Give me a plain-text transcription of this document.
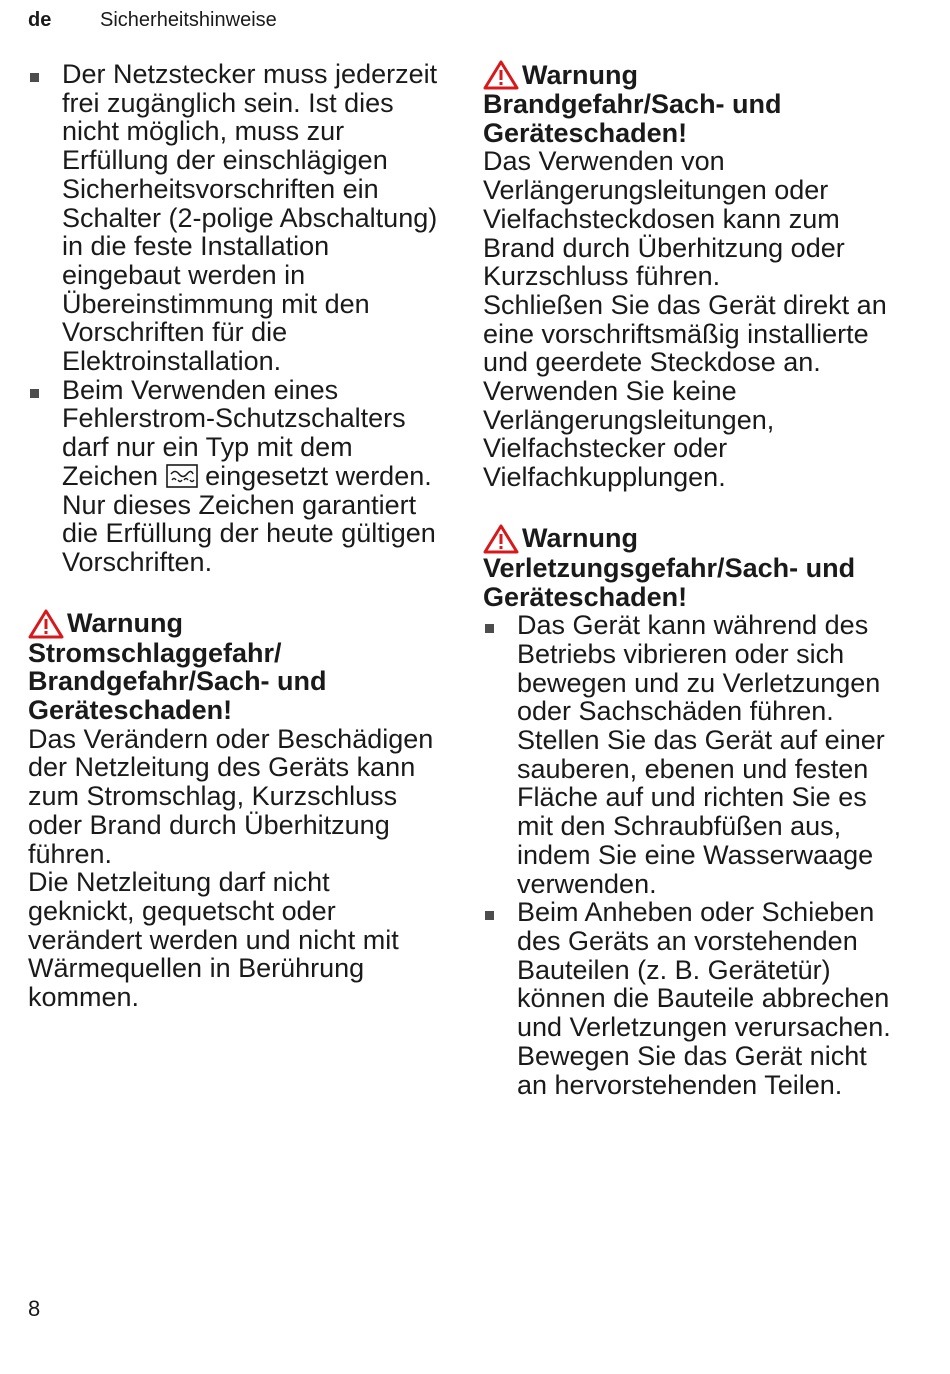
de Sicherheitshinweise
Der Netzstecker muss jederzeit frei zugänglich sein. Ist dies nicht möglich, muss zur Erfüllung der einschlägigen Sicherheitsvorschriften ein Schalter (2-polige Abschaltung) in die feste Installation eingebaut werden in Übereinstimmung mit den Vorschriften für die Elektroinstallation.
Beim Verwenden eines Fehlerstrom-Schutzschalters darf nur ein Typ mit dem Zeichen eingesetzt werden. Nur dieses Zeichen garantiert die Erfüllung der heute gültigen Vorschriften.
Warnung
Stromschlaggefahr/
Brandgefahr/Sach- und Geräteschaden!

Das Verändern oder Beschädigen der Netzleitung des Geräts kann zum Stromschlag, Kurzschluss oder Brand durch Überhitzung führen.

Die Netzleitung darf nicht geknickt, gequetscht oder verändert werden und nicht mit Wärmequellen in Berührung kommen.

Warnung
Brandgefahr/Sach- und Geräteschaden!

Das Verwenden von Verlängerungsleitungen oder Vielfachsteckdosen kann zum Brand durch Überhitzung oder Kurzschluss führen.

Schließen Sie das Gerät direkt an eine vorschriftsmäßig installierte und geerdete Steckdose an. Verwenden Sie keine Verlängerungsleitungen, Vielfachstecker oder Vielfachkupplungen.

Warnung
Verletzungsgefahr/Sach- und Geräteschaden!
Das Gerät kann während des Betriebs vibrieren oder sich bewegen und zu Verletzungen oder Sachschäden führen. Stellen Sie das Gerät auf einer sauberen, ebenen und festen Fläche auf und richten Sie es mit den Schraubfüßen aus, indem Sie eine Wasserwaage verwenden.
Beim Anheben oder Schieben des Geräts an vorstehenden Bauteilen (z. B. Gerätetür) können die Bauteile abbrechen und Verletzungen verursachen. Bewegen Sie das Gerät nicht an hervorstehenden Teilen.
8
